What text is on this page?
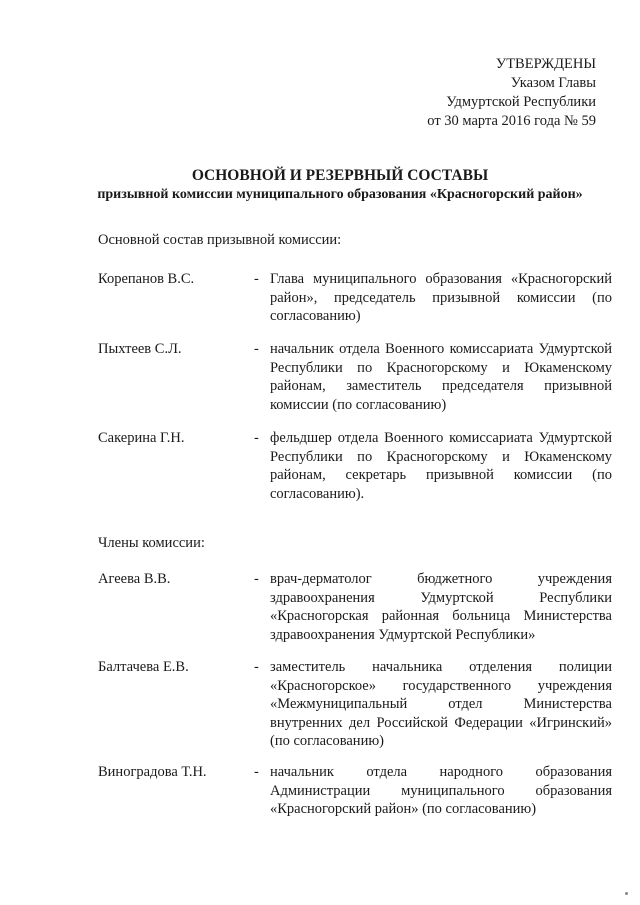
УТВЕРЖДЕНЫ
Указом Главы
Удмуртской Республики
от 30 марта 2016 года № 59
ОСНОВНОЙ И РЕЗЕРВНЫЙ СОСТАВЫ
призывной комиссии муниципального образования «Красногорский район»
Основной состав призывной комиссии:
Корепанов В.С.	- Глава муниципального образования «Красногорский район», председатель призывной комиссии (по согласованию)
Пыхтеев С.Л.	- начальник отдела Военного комиссариата Удмуртской Республики по Красногорскому и Юкаменскому районам, заместитель председателя призывной комиссии (по согласованию)
Сакерина Г.Н.	- фельдшер отдела Военного комиссариата Удмуртской Республики по Красногорскому и Юкаменскому районам, секретарь призывной комиссии (по согласованию).
Члены комиссии:
Агеева В.В.	- врач-дерматолог бюджетного учреждения здравоохранения Удмуртской Республики «Красногорская районная больница Министерства здравоохранения Удмуртской Республики»
Балтачева Е.В.	- заместитель начальника отделения полиции «Красногорское» государственного учреждения «Межмуниципальный отдел Министерства внутренних дел Российской Федерации «Игринский» (по согласованию)
Виноградова Т.Н.	- начальник отдела народного образования Администрации муниципального образования «Красногорский район» (по согласованию)
